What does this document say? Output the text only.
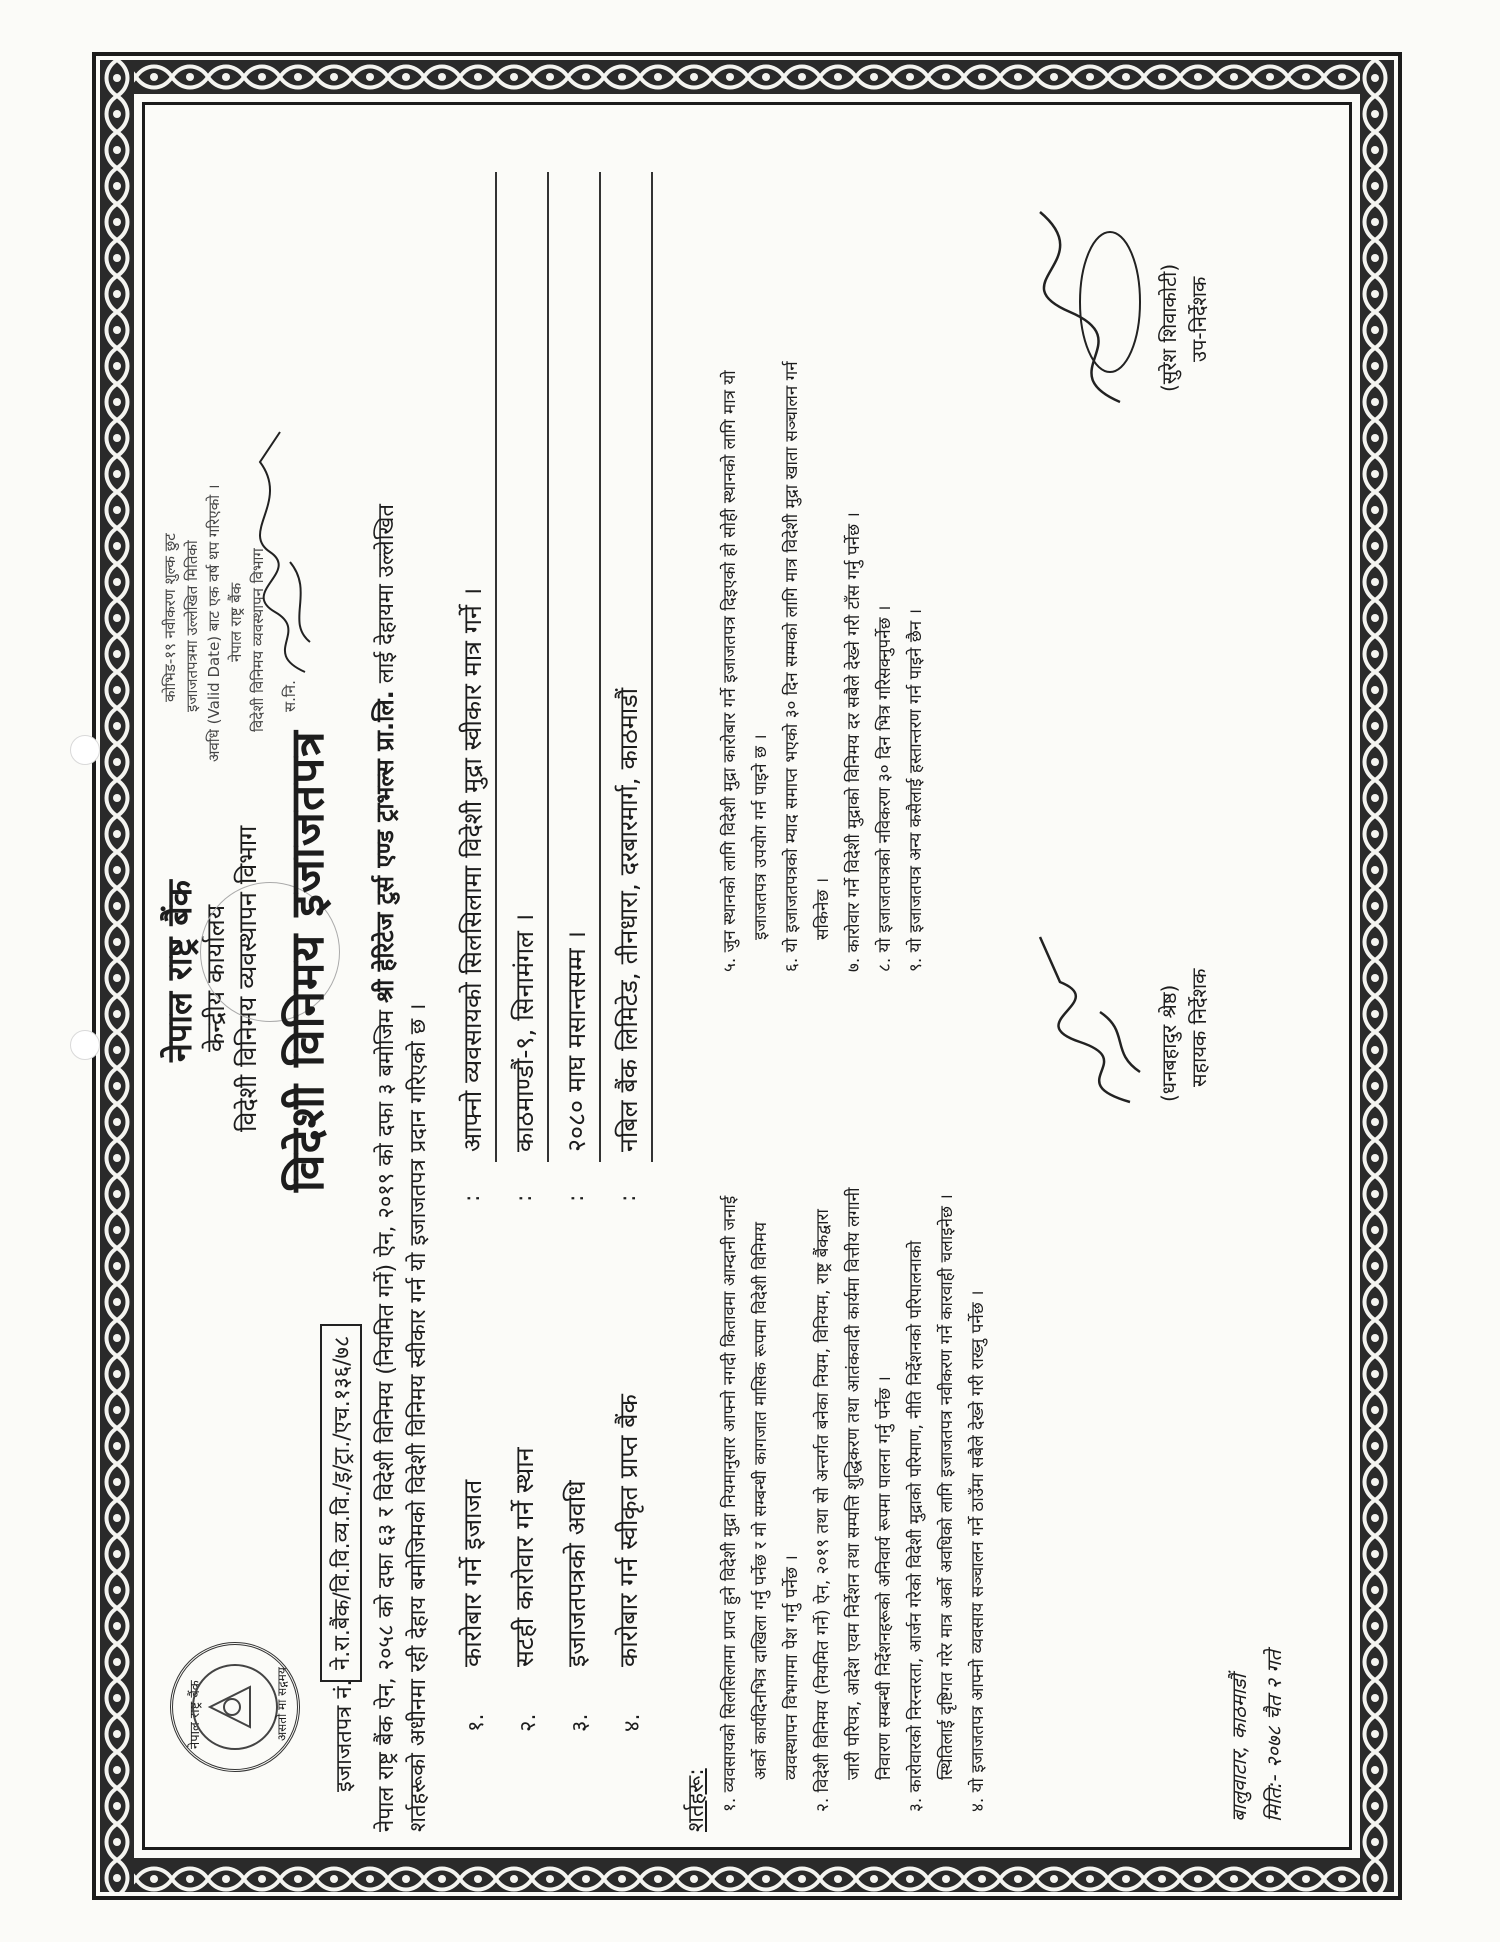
नेपाल राष्ट्र बैंक	असतो मा सद्गमय
नेपाल राष्ट्र बैंक केन्द्रीय कार्यालय विदेशी विनिमय व्यवस्थापन विभाग विदेशी विनिमय इजाजतपत्र
इजाजतपत्र नं.
ने.रा.बैंक/वि.वि.व्य.वि./इ/ट्रा./एच.१३६/७८
कोभिड-१९ नवीकरण शुल्क छुट इजाजतपत्रमा उल्लेखित मितिको अवधि (Valid Date) बाट एक वर्ष थप गरिएको । नेपाल राष्ट्र बैंक विदेशी विनिमय व्यवस्थापन विभाग स.नि.
नेपाल राष्ट्र बैंक ऐन, २०५८ को दफा ६३ र विदेशी विनिमय (नियमित गर्ने) ऐन, २०१९ को दफा ३ बमोजिम श्री हेरिटेज टुर्स एण्ड ट्राभल्स प्रा.लि. लाई देहायमा उल्लेखित
शर्तहरूको अधीनमा रही देहाय बमोजिमको विदेशी विनिमय स्वीकार गर्न यो इजाजतपत्र प्रदान गरिएको छ । १.
कारोबार गर्ने इजाजत
:
आफ्नो व्यवसायको सिलसिलामा विदेशी मुद्रा स्वीकार मात्र गर्ने ।
२.
सटही कारोवार गर्ने स्थान
:
काठमाण्डौं-९, सिनामंगल ।
३.
इजाजतपत्रको अवधि
:
२०८० माघ मसान्तसम्म ।
४.
कारोबार गर्न स्वीकृत प्राप्त बैंक
:
नबिल बैंक लिमिटेड, तीनधारा, दरबारमार्ग, काठमाडौं
शर्तहरू: १. व्यवसायको सिलसिलामा प्राप्त हुने विदेशी मुद्रा नियमानुसार आफ्नो नगदी कितावमा आम्दानी जनाई अर्को कार्यदिनभित्र दाखिला गर्नु पर्नेछ र मो सम्बन्धी कागजात मासिक रूपमा विदेशी विनिमय व्यवस्थापन विभागमा पेश गर्नु पर्नेछ ।
२. विदेशी विनिमय (नियमित गर्ने) ऐन, २०१९ तथा सो अन्तर्गत बनेका नियम, विनियम, राष्ट्र बैंकद्वारा जारी परिपत्र, आदेश एवम निर्देशन तथा सम्पत्ति शुद्धिकरण तथा आतंकवादी कार्यमा वित्तीय लगानी निवारण सम्बन्धी निर्देशनहरूको अनिवार्य रूपमा पालना गर्नु पर्नेछ ।
३. कारोवारको निरन्तरता, आर्जन गरेको विदेशी मुद्राको परिमाण, नीति निर्देशनको परिपालनाको स्थितिलाई दृष्टिगत गरेर मात्र अर्को अवधिको लागि इजाजतपत्र नवीकरण गर्ने कारवाही चलाइनेछ ।
४. यो इजाजतपत्र आफ्नो व्यवसाय सञ्चालन गर्ने ठाउँमा सबैले देख्ने गरी राख्नु पर्नेछ ।
५. जुन स्थानको लागि विदेशी मुद्रा कारोबार गर्ने इजाजतपत्र दिइएको हो सोही स्थानको लागि मात्र यो इजाजतपत्र उपयोग गर्न पाइने छ ।
६. यो इजाजतपत्रको म्याद समाप्त भएको ३० दिन सम्मको लागि मात्र विदेशी मुद्रा खाता सञ्चालन गर्न सकिनेछ ।
७. कारोवार गर्ने विदेशी मुद्राको विनिमय दर सबैले देख्ने गरी टाँस गर्नु पर्नेछ ।
८. यो इजाजतपत्रको नविकरण ३० दिन भित्र गरिसक्नुपर्नेछ ।
९. यो इजाजतपत्र अन्य कसैलाई हस्तान्तरण गर्न पाइने छैन ।
(धनबहादुर श्रेष्ठ) सहायक निर्देशक
(सुरेश शिवाकोटी) उप-निर्देशक
बालुवाटार, काठमाडौं मिति:- २०७८ चैत २ गते
